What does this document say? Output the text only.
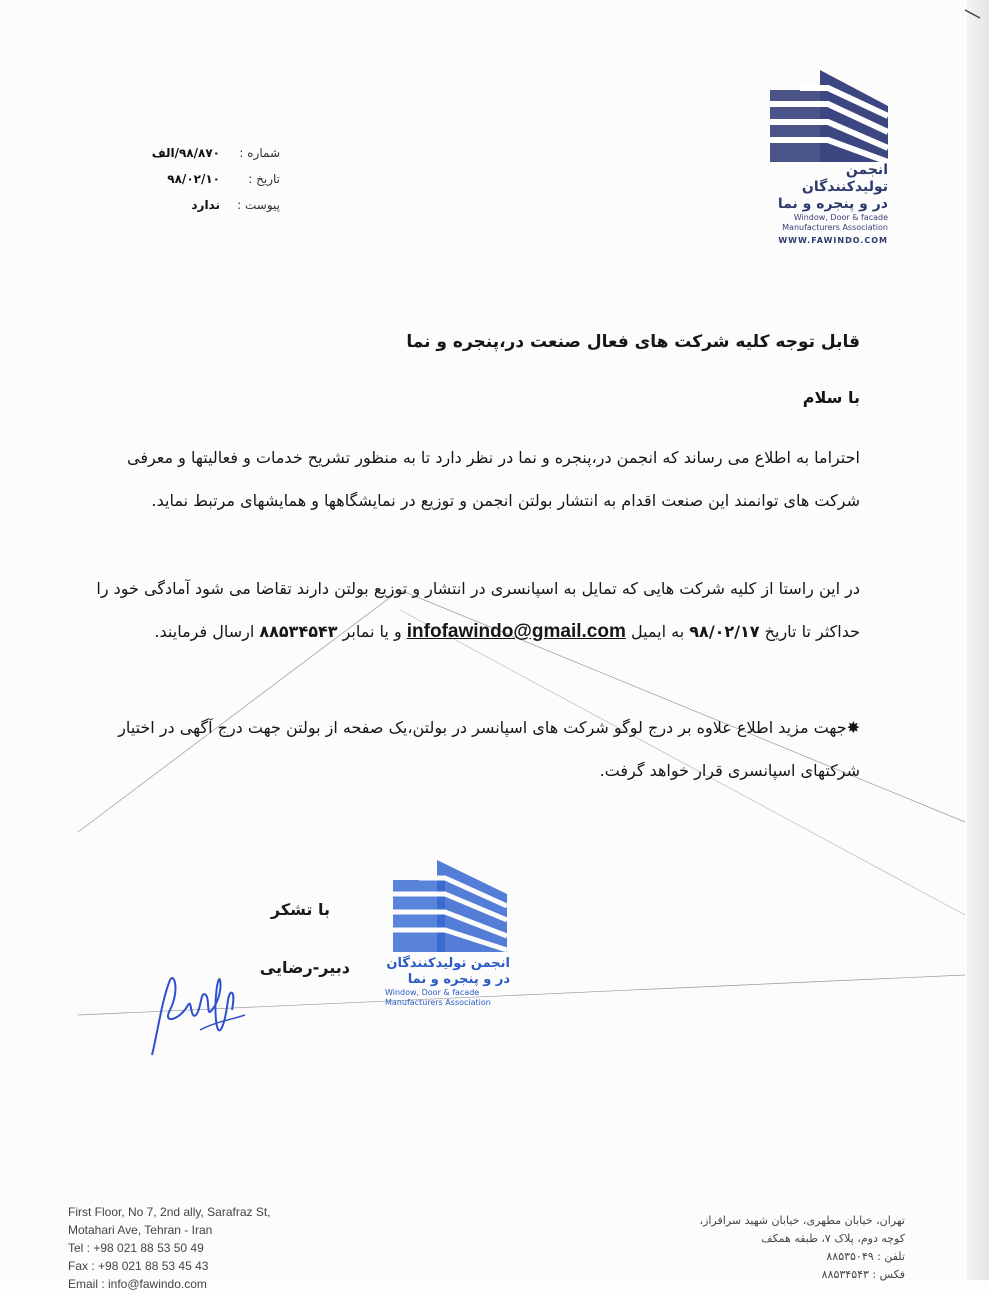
انجمن تولیدکنندگان
در و پنجره و نما
Window, Door & facade
Manufacturers Association
WWW.FAWINDO.COM
شماره :
۹۸/۸۷۰/الف
تاریخ :
۹۸/۰۲/۱۰
پیوست :
ندارد
قابل توجه کلیه شرکت های فعال صنعت در،پنجره و نما
با سلام
احتراما به اطلاع می رساند که انجمن در،پنجره و نما در نظر دارد تا به منظور تشریح خدمات و فعالیتها و معرفی شرکت های توانمند این صنعت اقدام به انتشار بولتن انجمن و توزیع در نمایشگاهها و همایشهای مرتبط نماید.
در این راستا از کلیه شرکت هایی که تمایل به اسپانسری در انتشار و توزیع بولتن دارند تقاضا می شود آمادگی خود را حداکثر تا تاریخ ۹۸/۰۲/۱۷ به ایمیل infofawindo@gmail.com و یا نمابر ۸۸۵۳۴۵۴۳ ارسال فرمایند.
✸جهت مزید اطلاع علاوه بر درج لوگو شرکت های اسپانسر در بولتن،یک صفحه از بولتن جهت درج آگهی در اختیار شرکتهای اسپانسری قرار خواهد گرفت.
با تشکر
دبیر-رضایی	انجمن تولیدکنندگان
در و پنجره و نما
Window, Door & facade
Manufacturers Association
First Floor, No 7, 2nd ally, Sarafraz St,
Motahari Ave, Tehran - Iran
Tel : +98 021 88 53 50 49
Fax : +98 021 88 53 45 43
Email : info@fawindo.com
تهران، خیابان مطهری، خیابان شهید سرافراز،
کوچه دوم، پلاک ۷، طبقه همکف
تلفن : ۸۸۵۳۵۰۴۹
فکس : ۸۸۵۳۴۵۴۳
